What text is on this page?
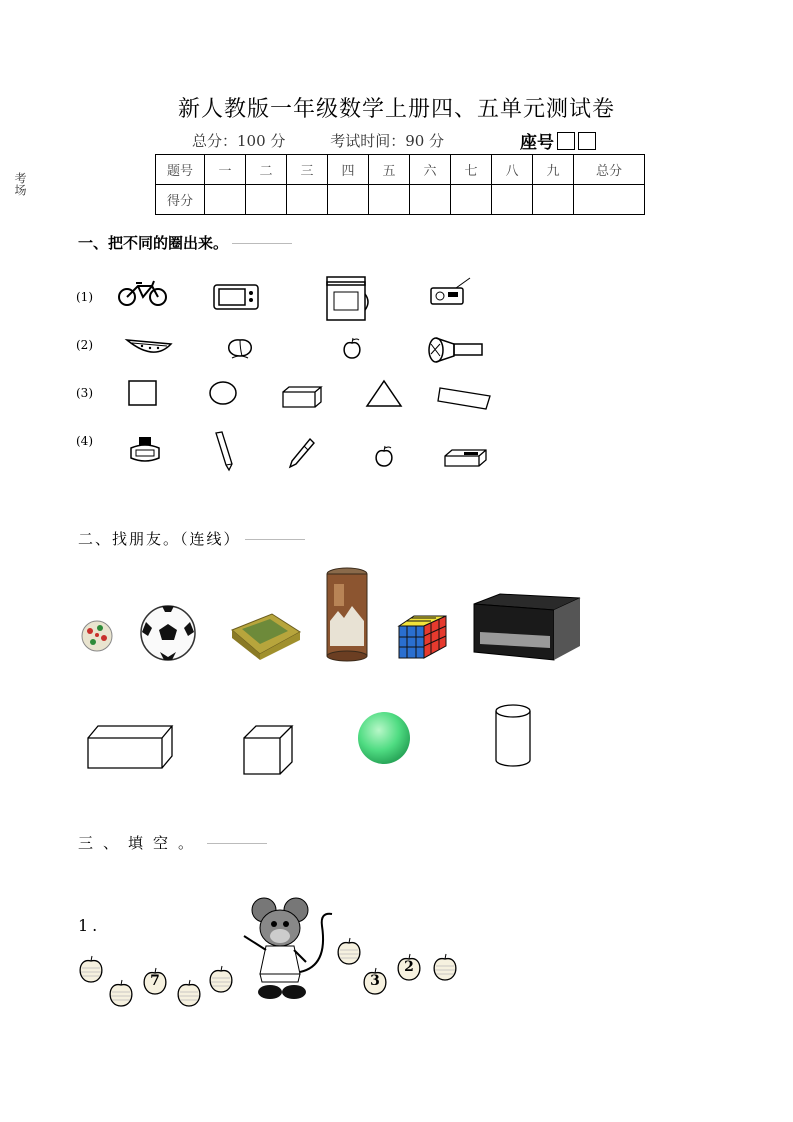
新人教版一年级数学上册四、五单元测试卷
总分：100 分	考试时间：90 分	座号
考场
题号	一	二	三	四	五	六	七	八	九	总分
得分										
一、把不同的圈出来。
(1)
(2)
(3)
(4)
二、找朋友。（连线）
三、填空。
1.
7	3
2
